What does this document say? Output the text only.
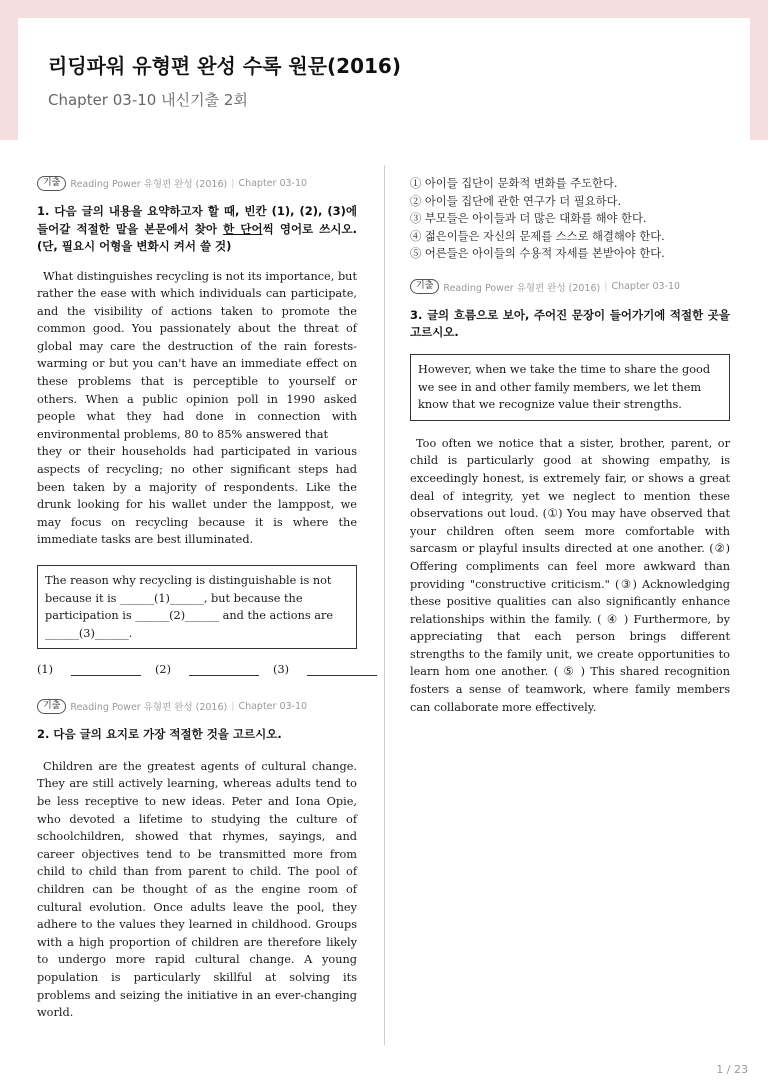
리딩파워 유형편 완성 수록 원문(2016)
Chapter 03-10 내신기출 2회
기출	Reading Power 유형편 완성 (2016) | Chapter 03-10
1. 다음 글의 내용을 요약하고자 할 때, 빈칸 (1), (2), (3)에 들어갈 적절한 말을 본문에서 찾아 한 단어씩 영어로 쓰시오. (단, 필요시 어형을 변화시 켜서 쓸 것)

What distinguishes recycling is not its importance, but rather the ease with which individuals can participate, and the visibility of actions taken to promote the common good. You passionately about the threat of global may care the destruction of the rain forests- warming or but you can't have an immediate effect on these problems that is perceptible to yourself or others. When a public opinion poll in 1990 asked people what they had done in connection with environmental problems, 80 to 85% answered that

they or their households had participated in various aspects of recycling; no other significant steps had been taken by a majority of respondents. Like the drunk looking for his wallet under the lamppost, we may focus on recycling because it is where the immediate tasks are best illuminated.

The reason why recycling is distinguishable is not because it is ______(1)______, but because the participation is ______(2)______ and the actions are ______(3)______.
(1)	(2)	(3)
기출	Reading Power 유형편 완성 (2016) | Chapter 03-10
2. 다음 글의 요지로 가장 적절한 것을 고르시오.

Children are the greatest agents of cultural change. They are still actively learning, whereas adults tend to be less receptive to new ideas. Peter and Iona Opie, who devoted a lifetime to studying the culture of schoolchildren, showed that rhymes, sayings, and career objectives tend to be transmitted more from child to child than from parent to child. The pool of children can be thought of as the engine room of cultural evolution. Once adults leave the pool, they adhere to the values they learned in childhood. Groups with a high proportion of children are therefore likely to undergo more rapid cultural change. A young population is particularly skillful at solving its problems and seizing the initiative in an ever-changing world.

① 아이들 집단이 문화적 변화를 주도한다.
② 아이들 집단에 관한 연구가 더 필요하다.
③ 부모들은 아이들과 더 많은 대화를 해야 한다.
④ 젊은이들은 자신의 문제를 스스로 해결해야 한다.
⑤ 어른들은 아이들의 수용적 자세를 본받아야 한다.
기출	Reading Power 유형편 완성 (2016) | Chapter 03-10
3. 글의 흐름으로 보아, 주어진 문장이 들어가기에 적절한 곳을 고르시오.
However, when we take the time to share the good we see in and other family members, we let them know that we recognize value their strengths.

Too often we notice that a sister, brother, parent, or child is particularly good at showing empathy, is exceedingly honest, is extremely fair, or shows a great deal of integrity, yet we neglect to mention these observations out loud. (①) You may have observed that your children often seem more comfortable with sarcasm or playful insults directed at one another. (②) Offering compliments can feel more awkward than providing "constructive criticism." (③) Acknowledging these positive qualities can also significantly enhance relationships within the family. ( ④ ) Furthermore, by appreciating that each person brings different strengths to the family unit, we create opportunities to learn hom one another. ( ⑤ ) This shared recognition fosters a sense of teamwork, where family members can collaborate more effectively.

1 / 23
